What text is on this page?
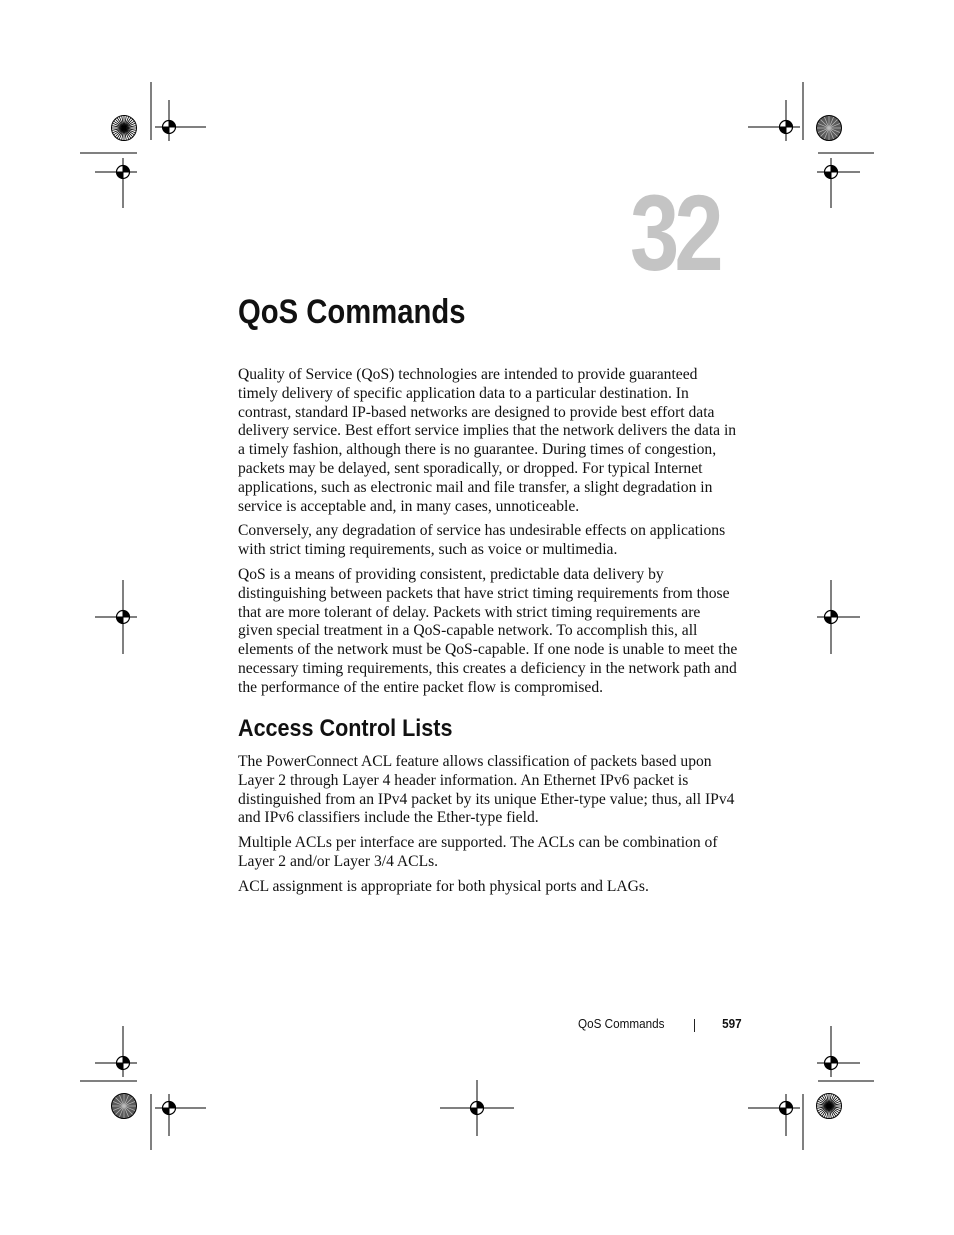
32
QoS Commands

Quality of Service (QoS) technologies are intended to provide guaranteed timely delivery of specific application data to a particular destination. In contrast, standard IP-based networks are designed to provide best effort data delivery service. Best effort service implies that the network delivers the data in a timely fashion, although there is no guarantee. During times of congestion, packets may be delayed, sent sporadically, or dropped. For typical Internet applications, such as electronic mail and file transfer, a slight degradation in service is acceptable and, in many cases, unnoticeable.

Conversely, any degradation of service has undesirable effects on applications with strict timing requirements, such as voice or multimedia.

QoS is a means of providing consistent, predictable data delivery by distinguishing between packets that have strict timing requirements from those that are more tolerant of delay. Packets with strict timing requirements are given special treatment in a QoS-capable network. To accomplish this, all elements of the network must be QoS-capable. If one node is unable to meet the necessary timing requirements, this creates a deficiency in the network path and the performance of the entire packet flow is compromised.

Access Control Lists

The PowerConnect ACL feature allows classification of packets based upon Layer 2 through Layer 4 header information. An Ethernet IPv6 packet is distinguished from an IPv4 packet by its unique Ether-type value; thus, all IPv4 and IPv6 classifiers include the Ether-type field.

Multiple ACLs per interface are supported. The ACLs can be combination of Layer 2 and/or Layer 3/4 ACLs.

ACL assignment is appropriate for both physical ports and LAGs.

QoS Commands	597
